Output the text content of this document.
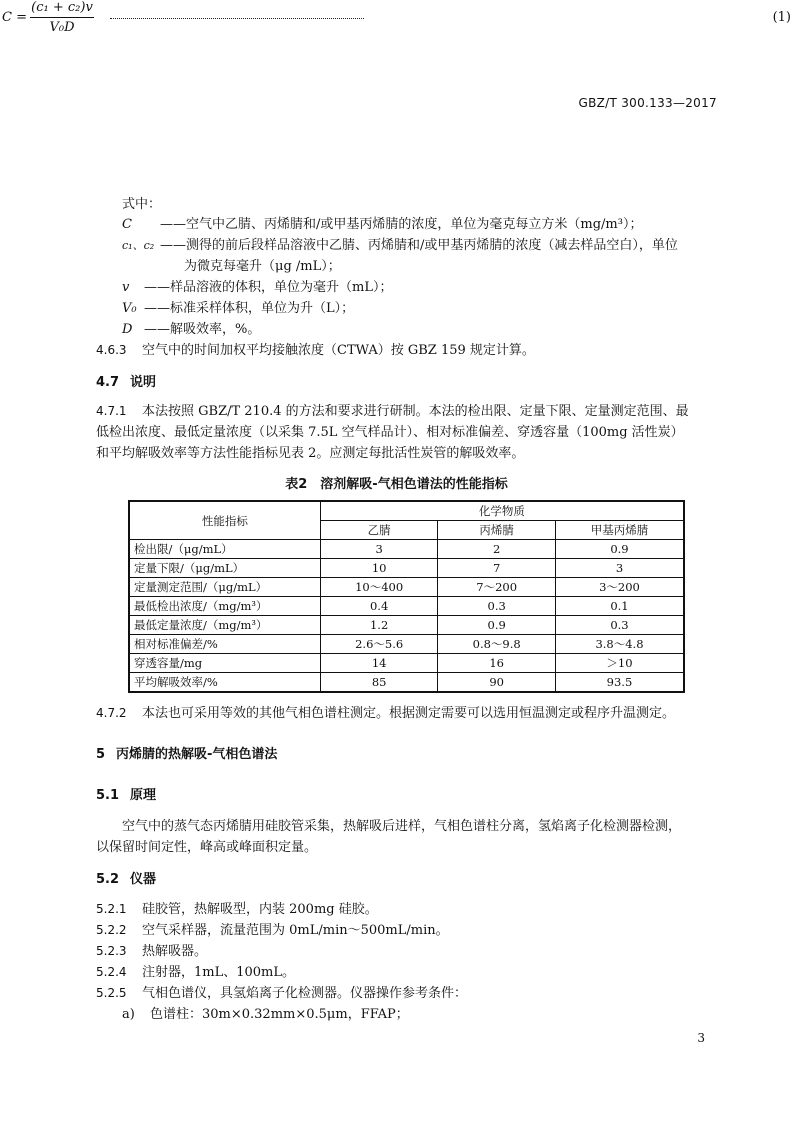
GBZ/T 300.133—2017
$C = \frac{\text{(c₁ + c₂)v}}{\text{V₀D}}$	(1)
式中：
C ——空气中乙腈、丙烯腈和/或甲基丙烯腈的浓度，单位为毫克每立方米（mg/m³）；
c₁、c₂ ——测得的前后段样品溶液中乙腈、丙烯腈和/或甲基丙烯腈的浓度（减去样品空白），单位
为微克每毫升（μg /mL）；
v ——样品溶液的体积，单位为毫升（mL）；
V₀ ——标准采样体积，单位为升（L）；
D ——解吸效率，%。
4.6.3 空气中的时间加权平均接触浓度（CTWA）按 GBZ 159 规定计算。
4.7 说明
4.7.1 本法按照 GBZ/T 210.4 的方法和要求进行研制。本法的检出限、定量下限、定量测定范围、最
低检出浓度、最低定量浓度（以采集 7.5L 空气样品计）、相对标准偏差、穿透容量（100mg 活性炭）
和平均解吸效率等方法性能指标见表 2。应测定每批活性炭管的解吸效率。
表2　溶剂解吸-气相色谱法的性能指标
性能指标	化学物质		
	乙腈	丙烯腈	甲基丙烯腈
检出限/（μg/mL）	3	2	0.9
定量下限/（μg/mL）	10	7	3
定量测定范围/（μg/mL）	10～400	7～200	3～200
最低检出浓度/（mg/m³）	0.4	0.3	0.1
最低定量浓度/（mg/m³）	1.2	0.9	0.3
相对标准偏差/%	2.6～5.6	0.8～9.8	3.8～4.8
穿透容量/mg	14	16	＞10
平均解吸效率/%	85	90	93.5
4.7.2 本法也可采用等效的其他气相色谱柱测定。根据测定需要可以选用恒温测定或程序升温测定。
5 丙烯腈的热解吸-气相色谱法
5.1 原理
空气中的蒸气态丙烯腈用硅胶管采集，热解吸后进样，气相色谱柱分离，氢焰离子化检测器检测，
以保留时间定性，峰高或峰面积定量。
5.2 仪器
5.2.1 硅胶管，热解吸型，内装 200mg 硅胶。
5.2.2 空气采样器，流量范围为 0mL/min～500mL/min。
5.2.3 热解吸器。
5.2.4 注射器，1mL、100mL。
5.2.5 气相色谱仪，具氢焰离子化检测器。仪器操作参考条件：
a) 色谱柱：30m×0.32mm×0.5μm，FFAP；
3
